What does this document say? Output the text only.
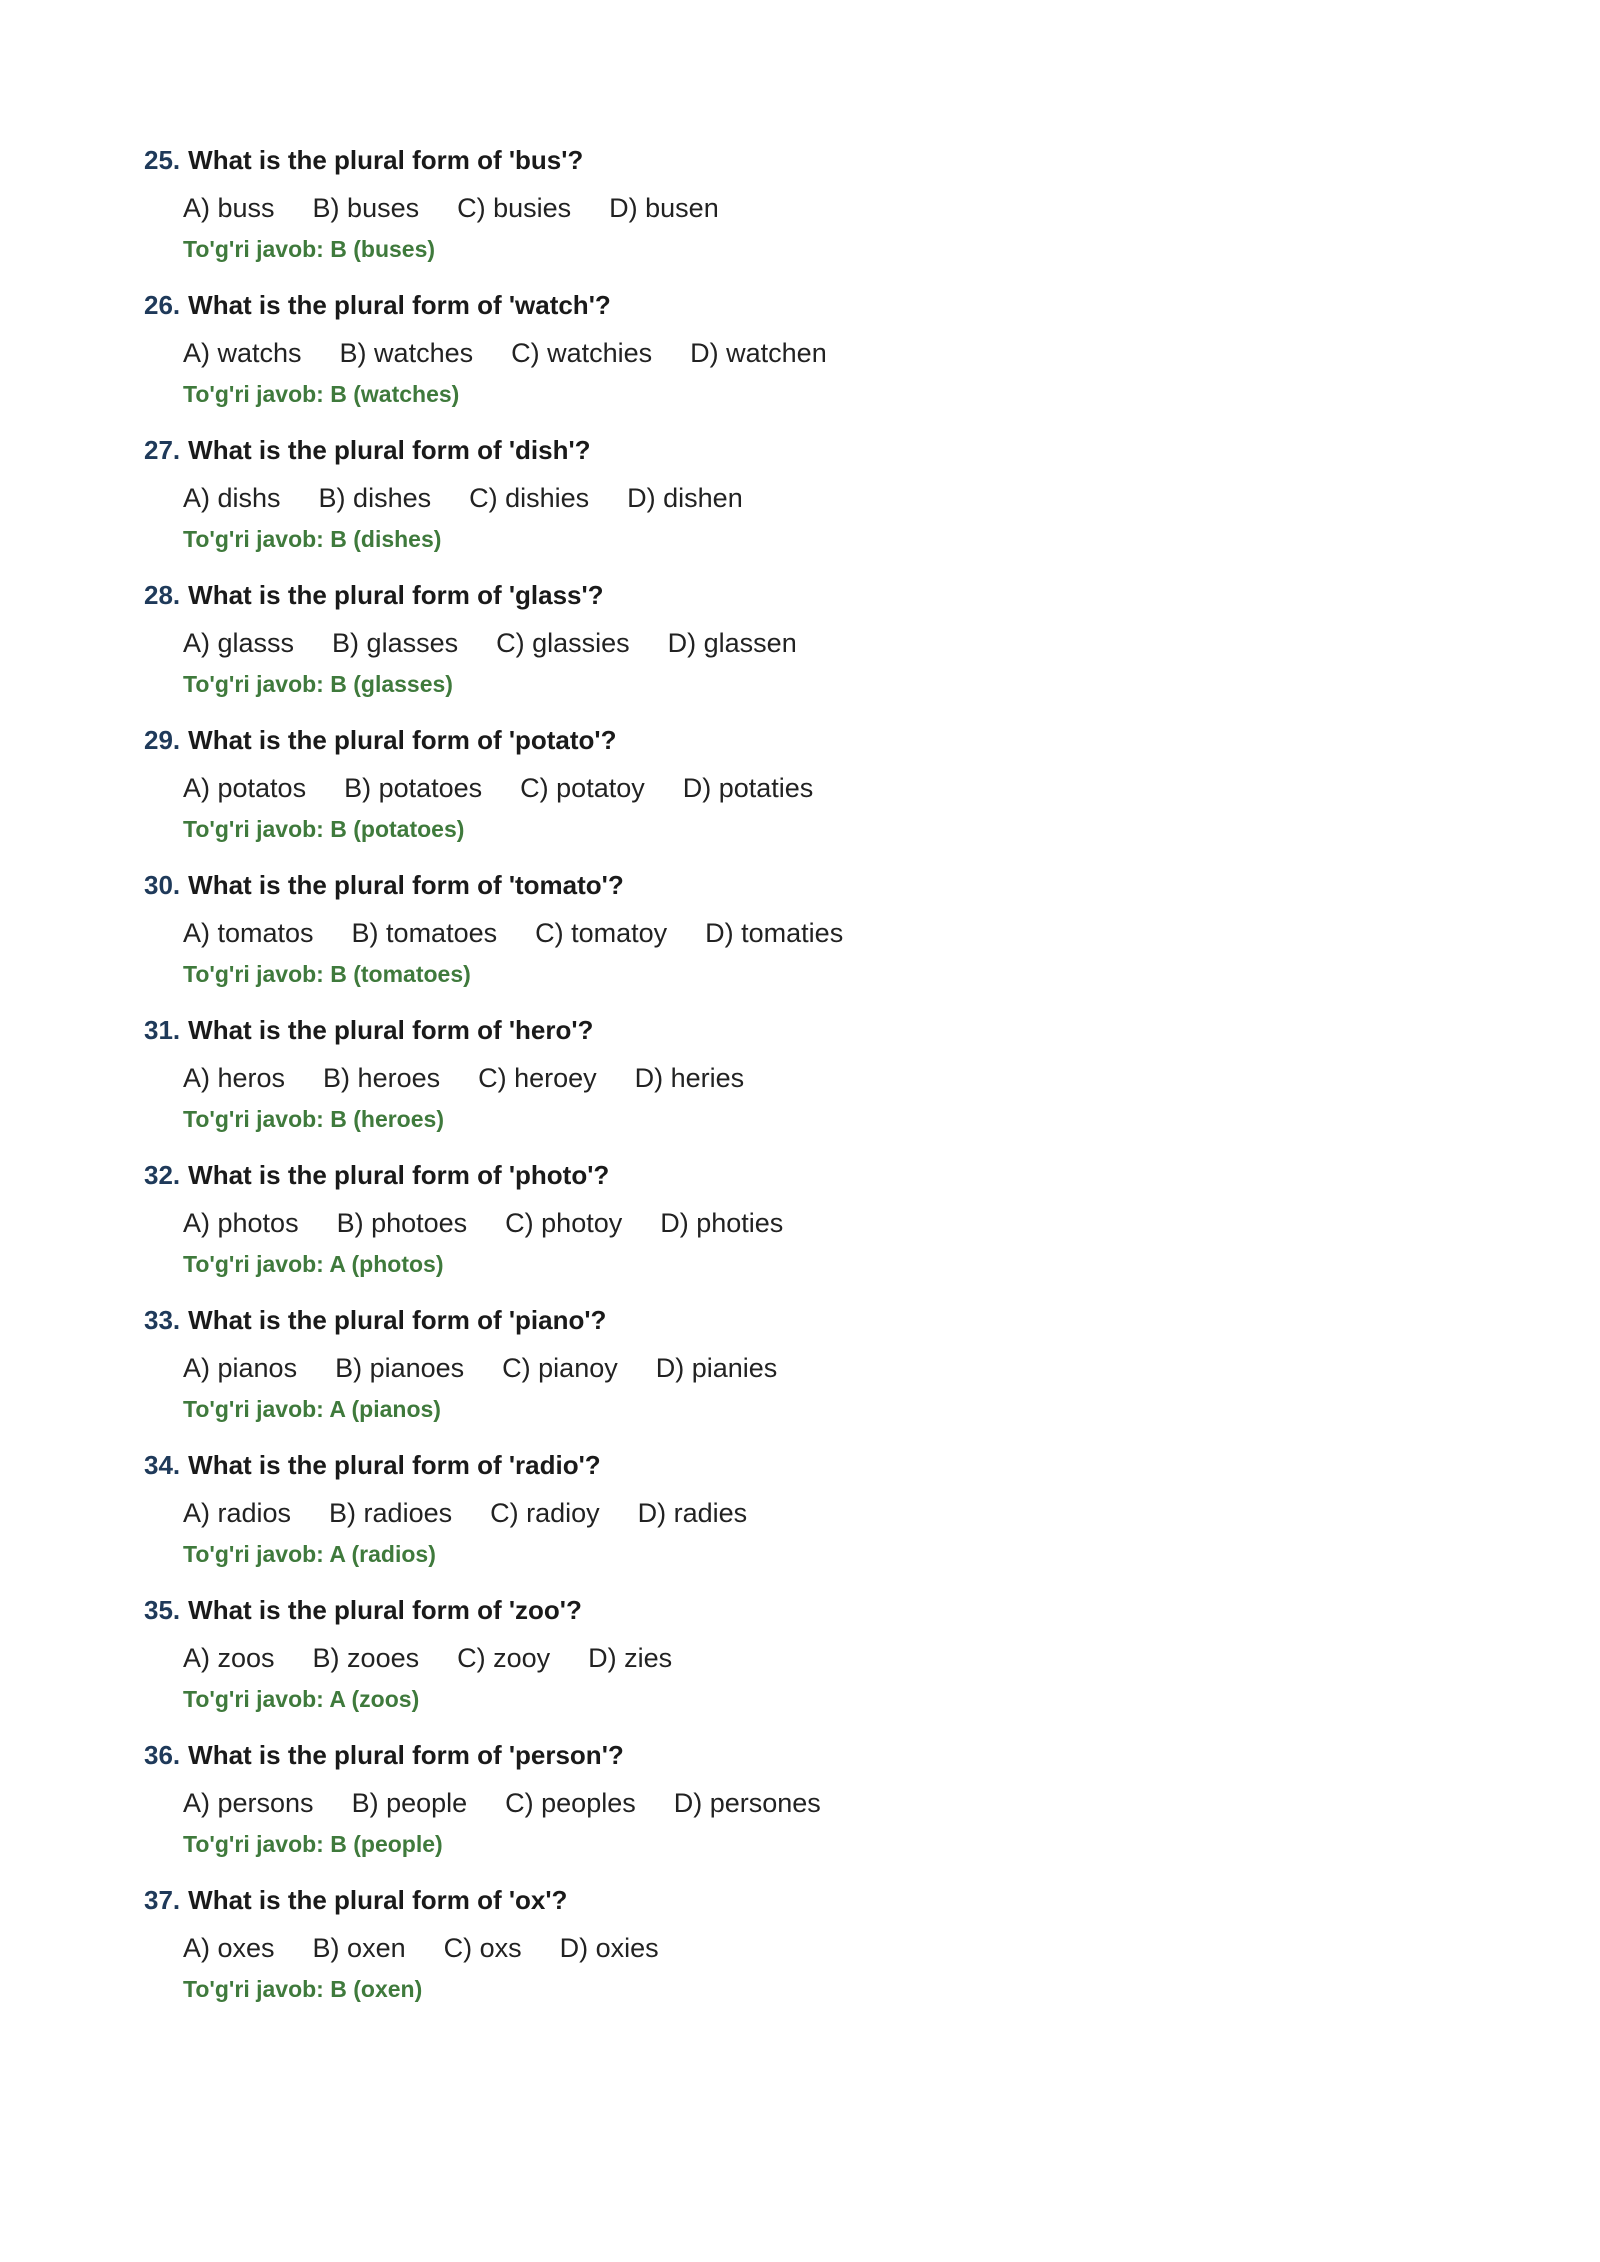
25. What is the plural form of 'bus'?
A) buss B) buses C) busies D) busen
To'g'ri javob: B (buses)
26. What is the plural form of 'watch'?
A) watchs B) watches C) watchies D) watchen
To'g'ri javob: B (watches)
27. What is the plural form of 'dish'?
A) dishs B) dishes C) dishies D) dishen
To'g'ri javob: B (dishes)
28. What is the plural form of 'glass'?
A) glasss B) glasses C) glassies D) glassen
To'g'ri javob: B (glasses)
29. What is the plural form of 'potato'?
A) potatos B) potatoes C) potatoy D) potaties
To'g'ri javob: B (potatoes)
30. What is the plural form of 'tomato'?
A) tomatos B) tomatoes C) tomatoy D) tomaties
To'g'ri javob: B (tomatoes)
31. What is the plural form of 'hero'?
A) heros B) heroes C) heroey D) heries
To'g'ri javob: B (heroes)
32. What is the plural form of 'photo'?
A) photos B) photoes C) photoy D) photies
To'g'ri javob: A (photos)
33. What is the plural form of 'piano'?
A) pianos B) pianoes C) pianoy D) pianies
To'g'ri javob: A (pianos)
34. What is the plural form of 'radio'?
A) radios B) radioes C) radioy D) radies
To'g'ri javob: A (radios)
35. What is the plural form of 'zoo'?
A) zoos B) zooes C) zooy D) zies
To'g'ri javob: A (zoos)
36. What is the plural form of 'person'?
A) persons B) people C) peoples D) persones
To'g'ri javob: B (people)
37. What is the plural form of 'ox'?
A) oxes B) oxen C) oxs D) oxies
To'g'ri javob: B (oxen)
